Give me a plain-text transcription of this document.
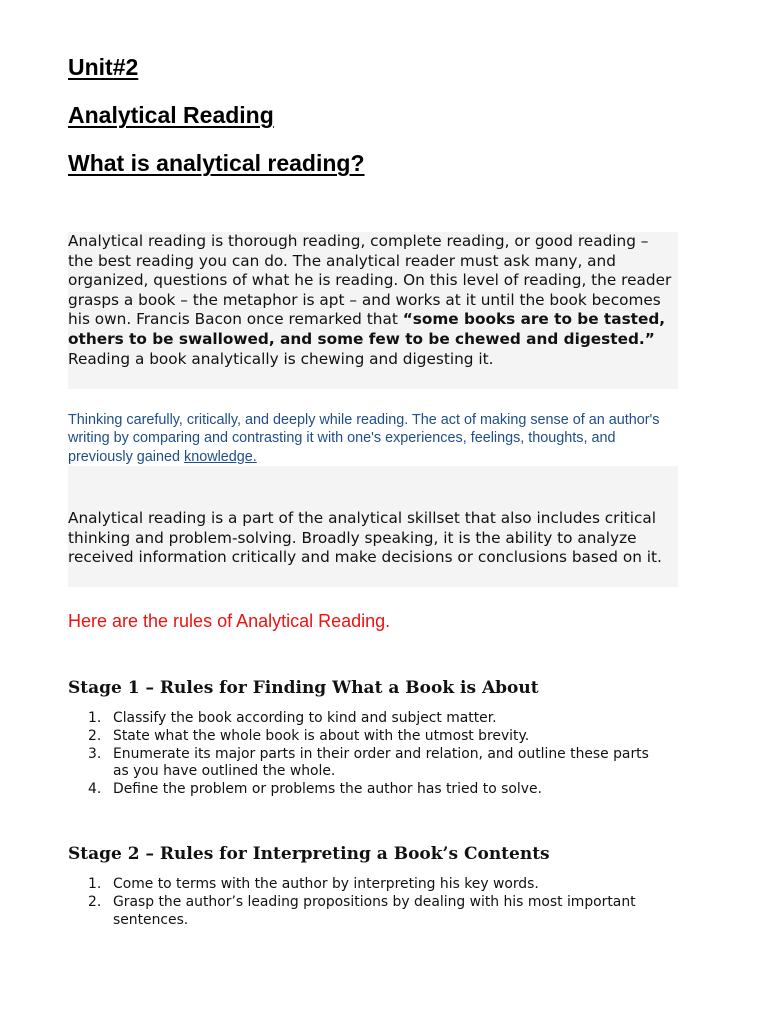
Unit#2
Analytical Reading
What is analytical reading?

Analytical reading is thorough reading, complete reading, or good reading – the best reading you can do. The analytical reader must ask many, and organized, questions of what he is reading. On this level of reading, the reader grasps a book – the metaphor is apt – and works at it until the book becomes his own. Francis Bacon once remarked that “some books are to be tasted, others to be swallowed, and some few to be chewed and digested.” Reading a book analytically is chewing and digesting it.

Thinking carefully, critically, and deeply while reading. The act of making sense of an author's writing by comparing and contrasting it with one's experiences, feelings, thoughts, and previously gained knowledge.

Analytical reading is a part of the analytical skillset that also includes critical thinking and problem-solving. Broadly speaking, it is the ability to analyze received information critically and make decisions or conclusions based on it.

Here are the rules of Analytical Reading.

Stage 1 – Rules for Finding What a Book is About
1. Classify the book according to kind and subject matter.
2. State what the whole book is about with the utmost brevity.
3. Enumerate its major parts in their order and relation, and outline these parts as you have outlined the whole.
4. Define the problem or problems the author has tried to solve.
Stage 2 – Rules for Interpreting a Book’s Contents
1. Come to terms with the author by interpreting his key words.
2. Grasp the author’s leading propositions by dealing with his most important sentences.
